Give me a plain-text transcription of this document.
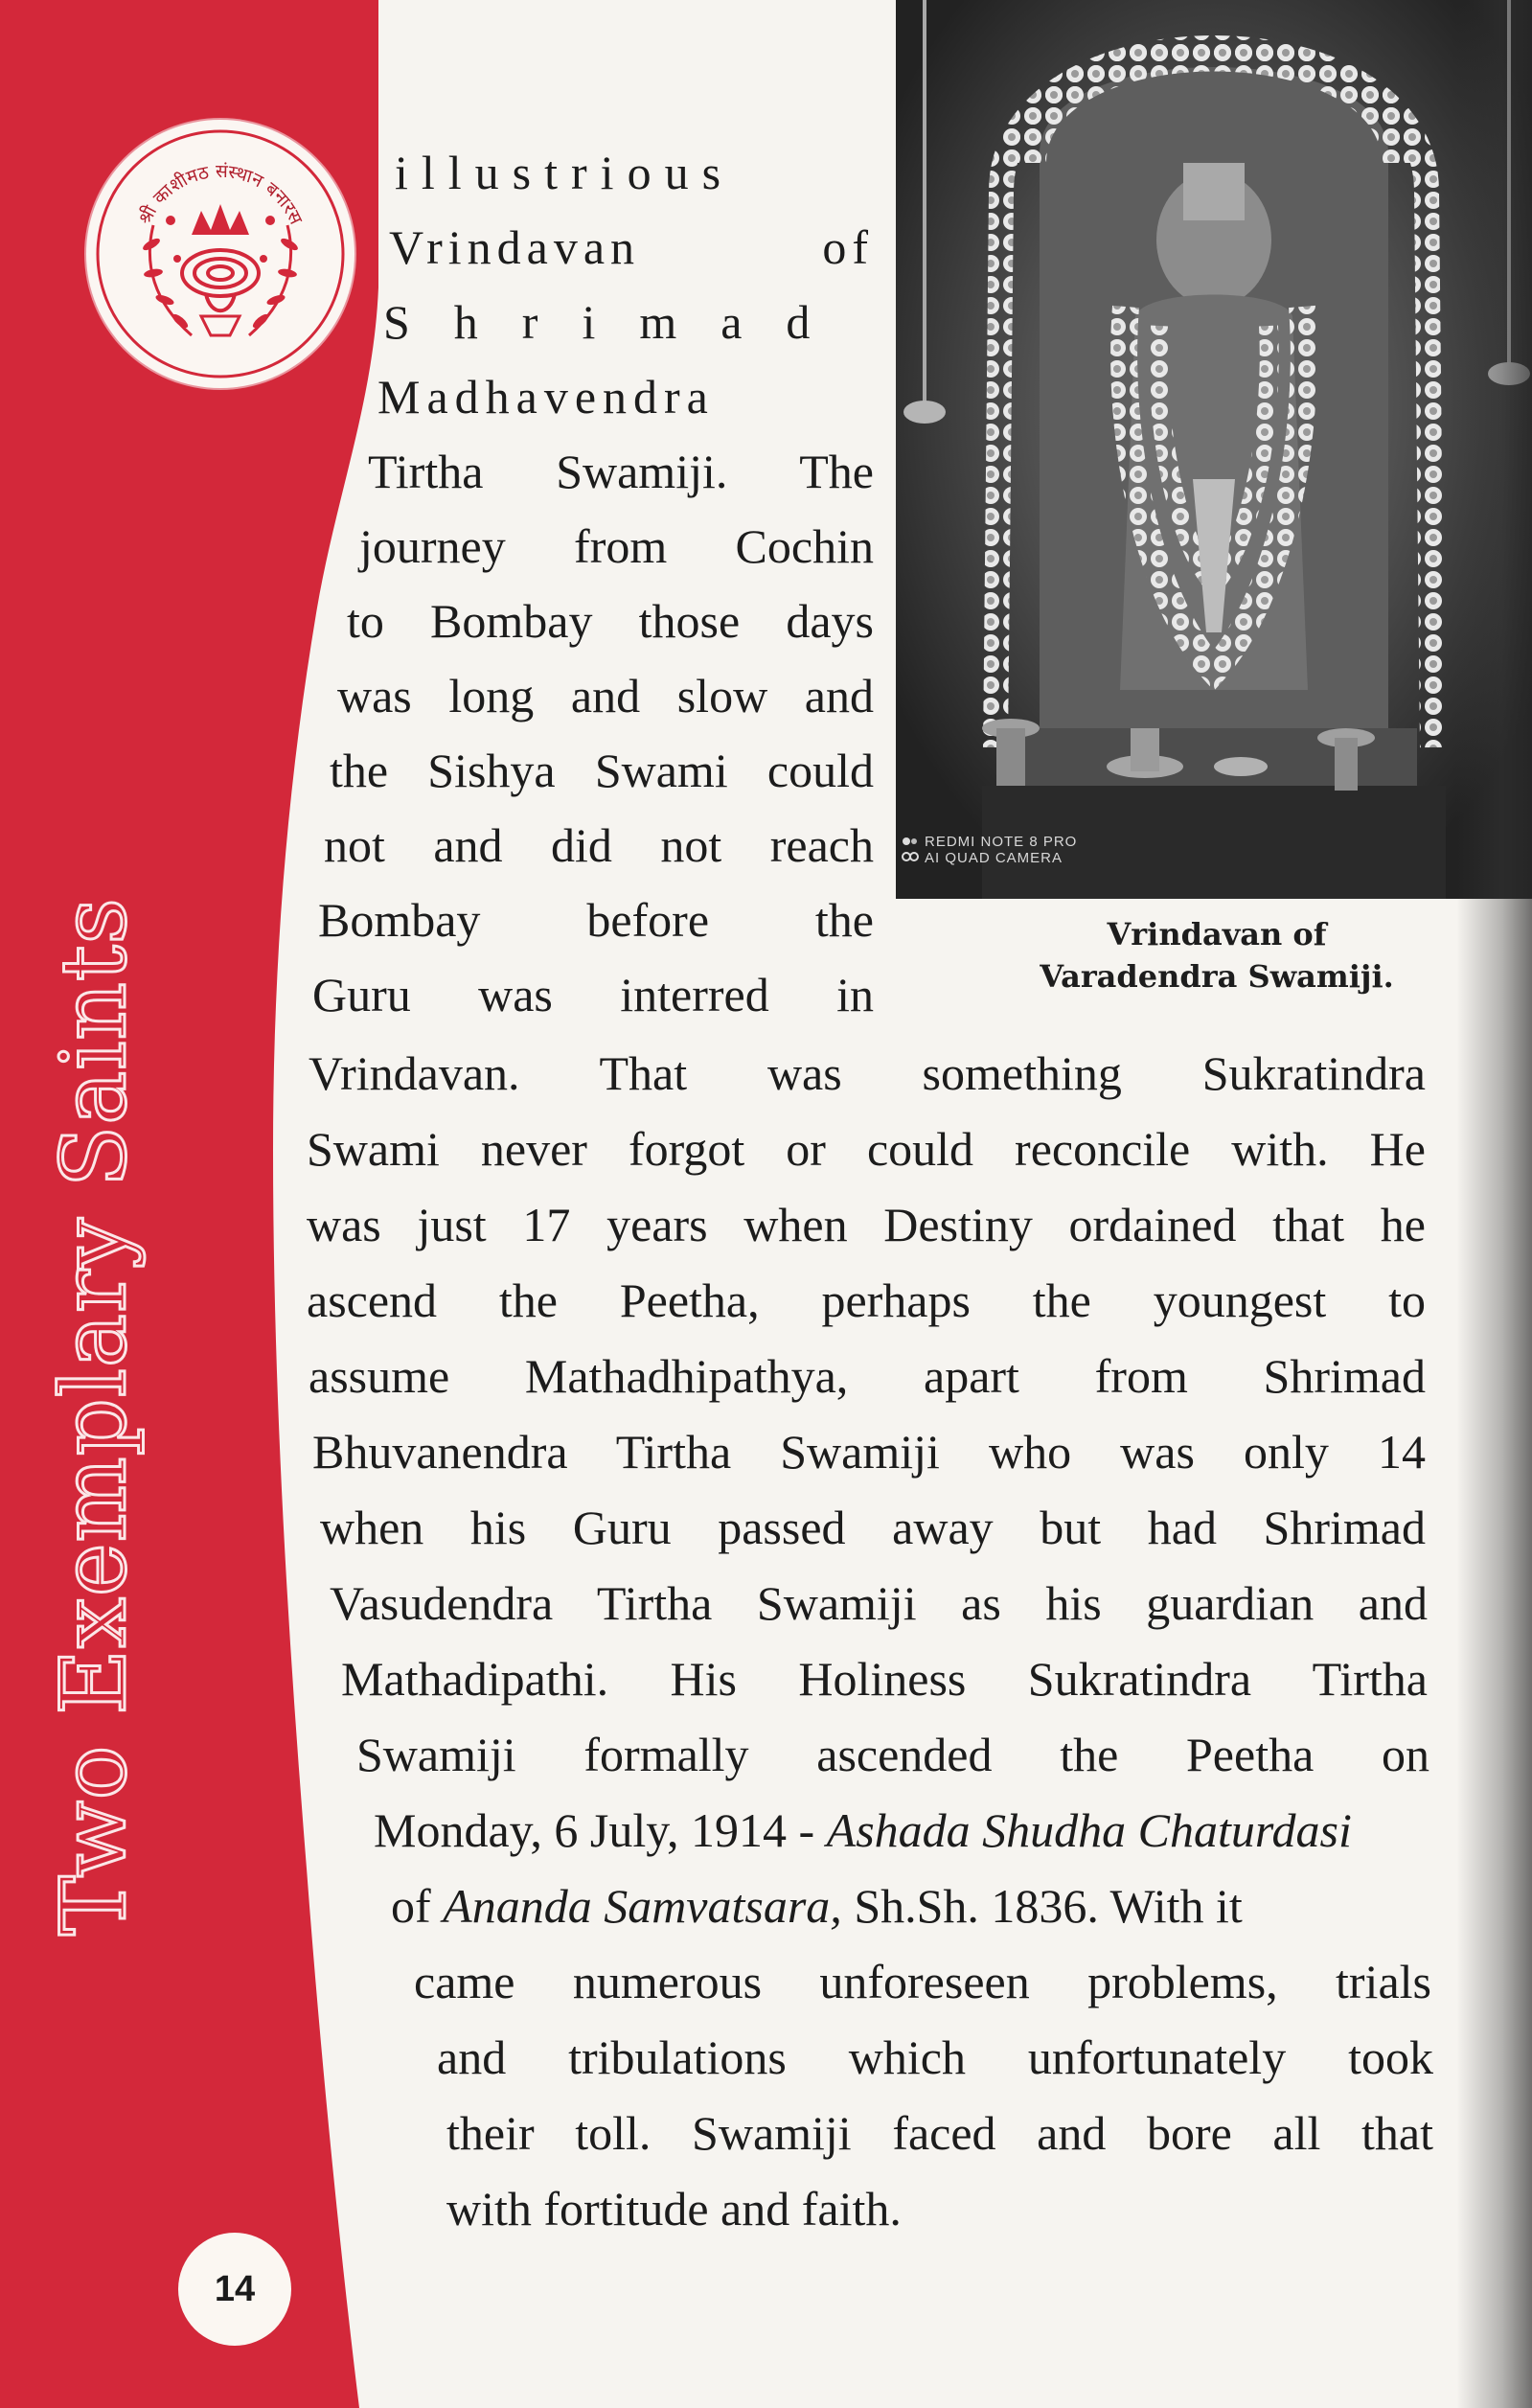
श्री काशीमठ संस्थान बनारस
Two Exemplary Saints
14
REDMI NOTE 8 PRO
AI QUAD CAMERA
Vrindavan of
Varadendra Swamiji.
illustrious
Vrindavan of
Shrimad
Madhavendra
Tirtha Swamiji. The
journey from Cochin
to Bombay those days
was long and slow and
the Sishya Swami could
not and did not reach
Bombay before the
Guru was interred in
Vrindavan. That was something Sukratindra
Swami never forgot or could reconcile with. He
was just 17 years when Destiny ordained that he
ascend the Peetha, perhaps the youngest to
assume Mathadhipathya, apart from Shrimad
Bhuvanendra Tirtha Swamiji who was only 14
when his Guru passed away but had Shrimad
Vasudendra Tirtha Swamiji as his guardian and
Mathadipathi. His Holiness Sukratindra Tirtha
Swamiji formally ascended the Peetha on
Monday, 6 July, 1914 - Ashada Shudha Chaturdasi
of Ananda Samvatsara, Sh.Sh. 1836. With it
came numerous unforeseen problems, trials
and tribulations which unfortunately took
their toll. Swamiji faced and bore all that
with fortitude and faith.
